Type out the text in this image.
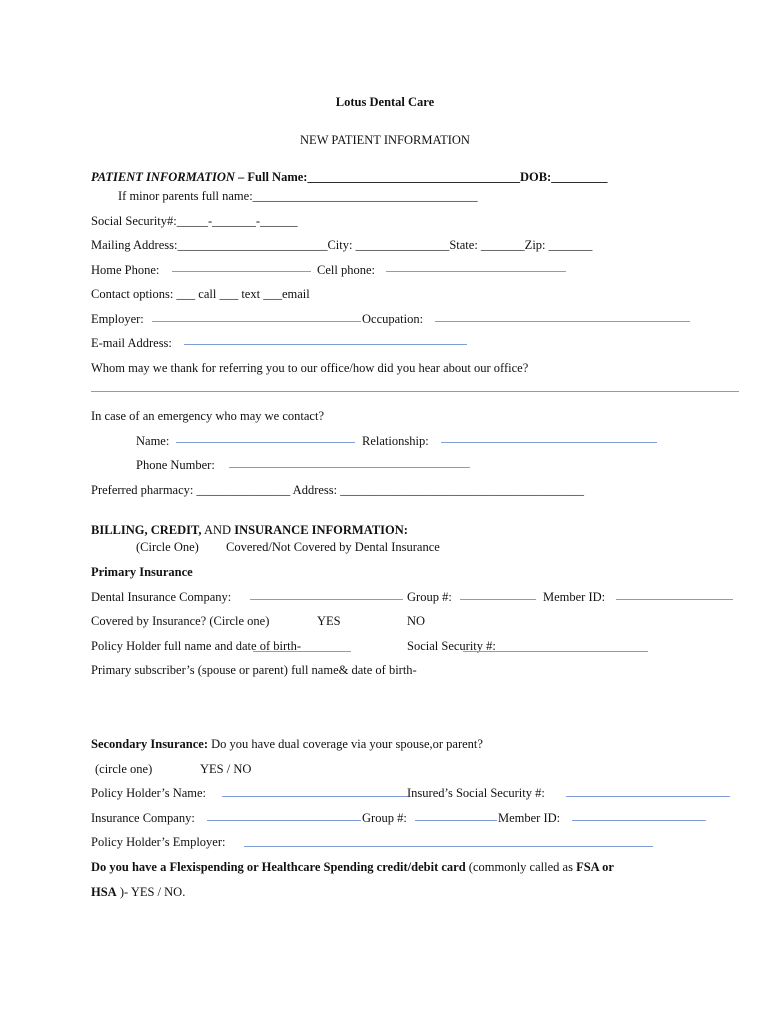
Lotus Dental Care
NEW PATIENT INFORMATION
PATIENT INFORMATION – Full Name:__________________________________DOB:_________
If minor parents full name:____________________________________
Social Security#:_____-_______-______
Mailing Address:________________________City: _______________State: _______Zip: _______
Home Phone:	Cell phone:
Contact options: ___ call ___ text ___email
Employer:	Occupation:
E-mail Address:
Whom may we thank for referring you to our office/how did you hear about our office?
In case of an emergency who may we contact?
Name:	Relationship:
Phone Number:
Preferred pharmacy: _______________ Address: _______________________________________
BILLING, CREDIT, AND INSURANCE INFORMATION:
(Circle One) Covered/Not Covered by Dental Insurance
Primary Insurance
Dental Insurance Company:	Group #:	Member ID:
Covered by Insurance? (Circle one)	YES	NO
Policy Holder full name and date of birth-	Social Security #:
Primary subscriber’s (spouse or parent) full name& date of birth-
Secondary Insurance: Do you have dual coverage via your spouse,or parent?
(circle one)	YES / NO
Policy Holder’s Name:	Insured’s Social Security #:
Insurance Company:	Group #:	Member ID:
Policy Holder’s Employer:
Do you have a Flexispending or Healthcare Spending credit/debit card (commonly called as FSA or
HSA )- YES / NO.
